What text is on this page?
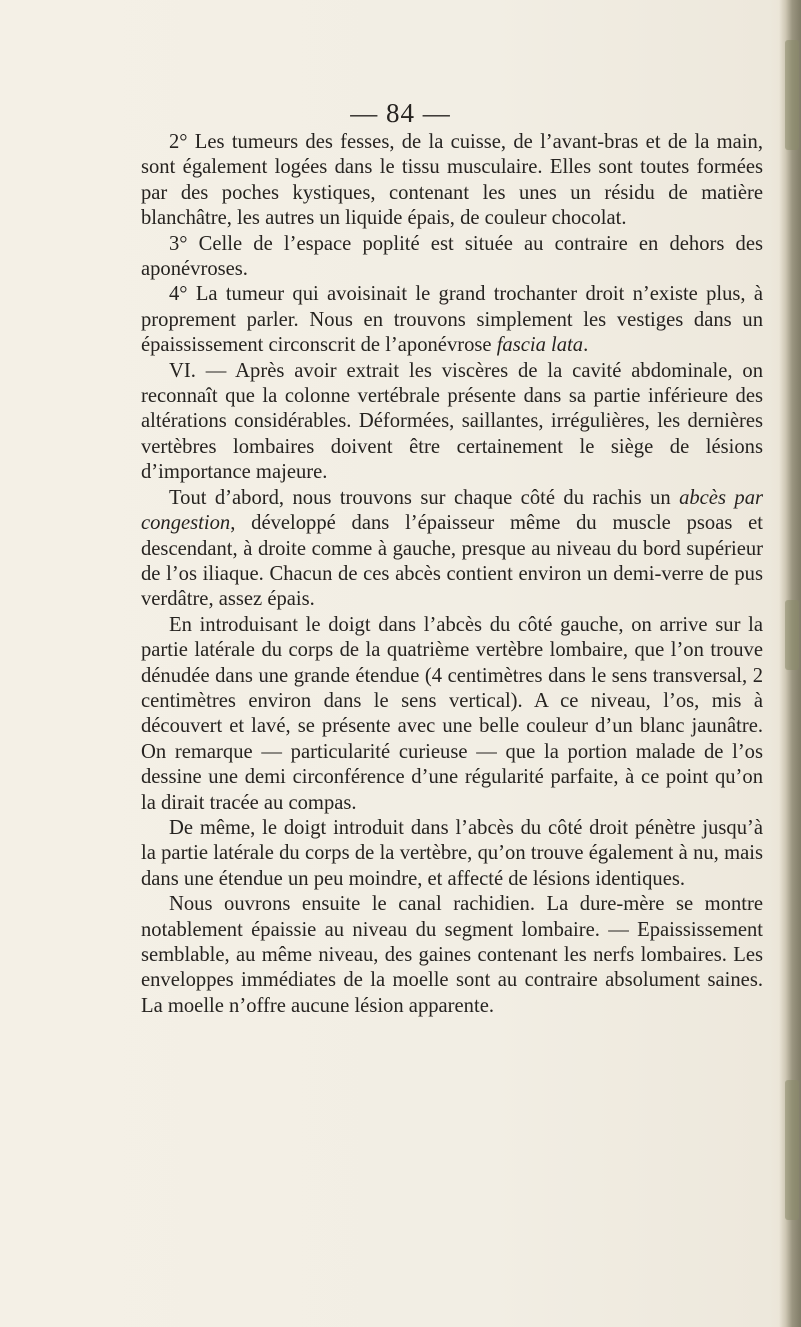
— 84 —

2° Les tumeurs des fesses, de la cuisse, de l’avant-bras et de la main, sont également logées dans le tissu musculaire. Elles sont toutes formées par des poches kystiques, contenant les unes un résidu de matière blanchâtre, les autres un liquide épais, de couleur chocolat.

3° Celle de l’espace poplité est située au contraire en dehors des aponévroses.

4° La tumeur qui avoisinait le grand trochanter droit n’existe plus, à proprement parler. Nous en trouvons simplement les vestiges dans un épaississement circonscrit de l’aponévrose fascia lata.

VI. — Après avoir extrait les viscères de la cavité abdominale, on reconnaît que la colonne vertébrale présente dans sa partie inférieure des altérations considérables. Déformées, saillantes, irrégulières, les dernières vertèbres lombaires doivent être certainement le siège de lésions d’importance majeure.

Tout d’abord, nous trouvons sur chaque côté du rachis un abcès par congestion, développé dans l’épaisseur même du muscle psoas et descendant, à droite comme à gauche, presque au niveau du bord supérieur de l’os iliaque. Chacun de ces abcès contient environ un demi-verre de pus verdâtre, assez épais.

En introduisant le doigt dans l’abcès du côté gauche, on arrive sur la partie latérale du corps de la quatrième vertèbre lombaire, que l’on trouve dénudée dans une grande étendue (4 centimètres dans le sens transversal, 2 centimètres environ dans le sens vertical). A ce niveau, l’os, mis à découvert et lavé, se présente avec une belle couleur d’un blanc jaunâtre. On remarque — particularité curieuse — que la portion malade de l’os dessine une demi circonférence d’une régularité parfaite, à ce point qu’on la dirait tracée au compas.

De même, le doigt introduit dans l’abcès du côté droit pénètre jusqu’à la partie latérale du corps de la vertèbre, qu’on trouve également à nu, mais dans une étendue un peu moindre, et affecté de lésions identiques.

Nous ouvrons ensuite le canal rachidien. La dure-mère se montre notablement épaissie au niveau du segment lombaire. — Epaississement semblable, au même niveau, des gaines contenant les nerfs lombaires. Les enveloppes immédiates de la moelle sont au contraire absolument saines. La moelle n’offre aucune lésion apparente.
